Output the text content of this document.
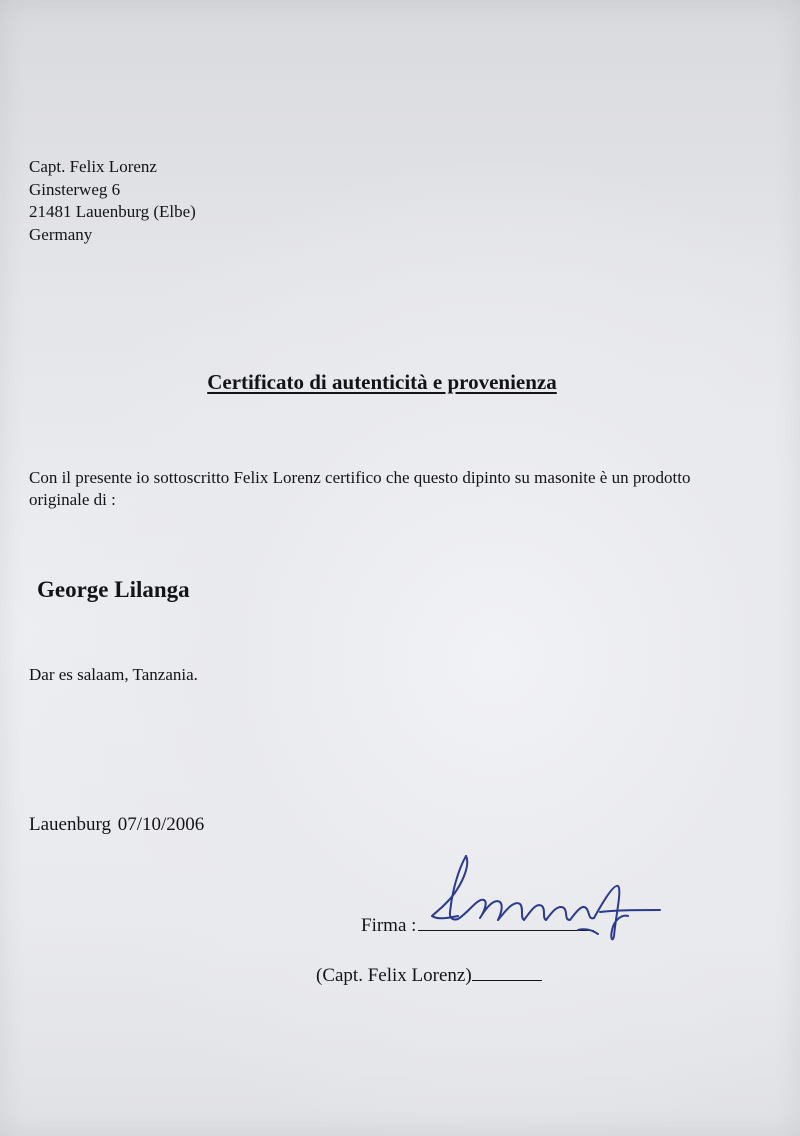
Capt. Felix Lorenz
Ginsterweg 6
21481 Lauenburg (Elbe)
Germany
Certificato di autenticità e provenienza
Con il presente io sottoscritto Felix Lorenz certifico che questo dipinto su masonite è un prodotto originale di :
George Lilanga
Dar es salaam, Tanzania.
Lauenburg 07/10/2006
Firma :
(Capt. Felix Lorenz)
